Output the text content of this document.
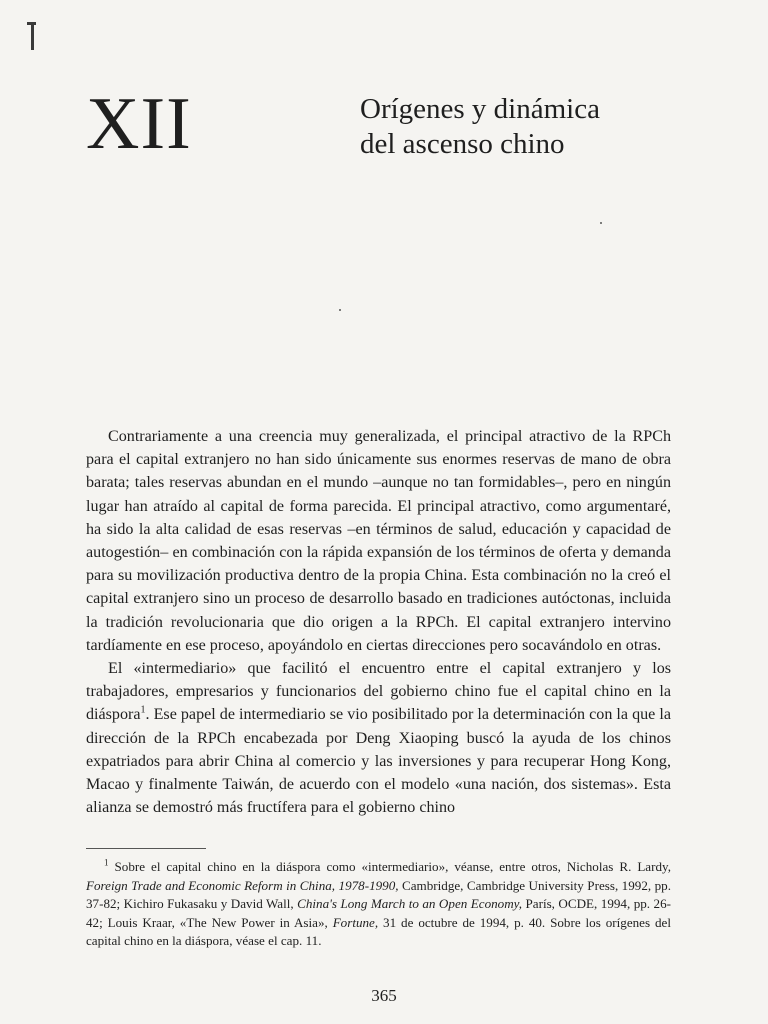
XII	Orígenes y dinámica
del ascenso chino

Contrariamente a una creencia muy generalizada, el principal atractivo de la RPCh para el capital extranjero no han sido únicamente sus enormes reservas de mano de obra barata; tales reservas abundan en el mundo –aunque no tan formidables–, pero en ningún lugar han atraído al capital de forma parecida. El principal atractivo, como argumentaré, ha sido la alta calidad de esas reservas –en términos de salud, educación y capacidad de autogestión– en combinación con la rápida expansión de los términos de oferta y demanda para su movilización productiva dentro de la propia China. Esta combinación no la creó el capital extranjero sino un proceso de desarrollo basado en tradiciones autóctonas, incluida la tradición revolucionaria que dio origen a la RPCh. El capital extranjero intervino tardíamente en ese proceso, apoyándolo en ciertas direcciones pero socavándolo en otras.

El «intermediario» que facilitó el encuentro entre el capital extranjero y los trabajadores, empresarios y funcionarios del gobierno chino fue el capital chino en la diáspora$^1$. Ese papel de intermediario se vio posibilitado por la determinación con la que la dirección de la RPCh encabezada por Deng Xiaoping buscó la ayuda de los chinos expatriados para abrir China al comercio y las inversiones y para recuperar Hong Kong, Macao y finalmente Taiwán, de acuerdo con el modelo «una nación, dos sistemas». Esta alianza se demostró más fructífera para el gobierno chino

$^1$ Sobre el capital chino en la diáspora como «intermediario», véanse, entre otros, Nicholas R. Lardy, Foreign Trade and Economic Reform in China, 1978-1990, Cambridge, Cambridge University Press, 1992, pp. 37-82; Kichiro Fukasaku y David Wall, China's Long March to an Open Economy, París, OCDE, 1994, pp. 26-42; Louis Kraar, «The New Power in Asia», Fortune, 31 de octubre de 1994, p. 40. Sobre los orígenes del capital chino en la diáspora, véase el cap. 11.

365
